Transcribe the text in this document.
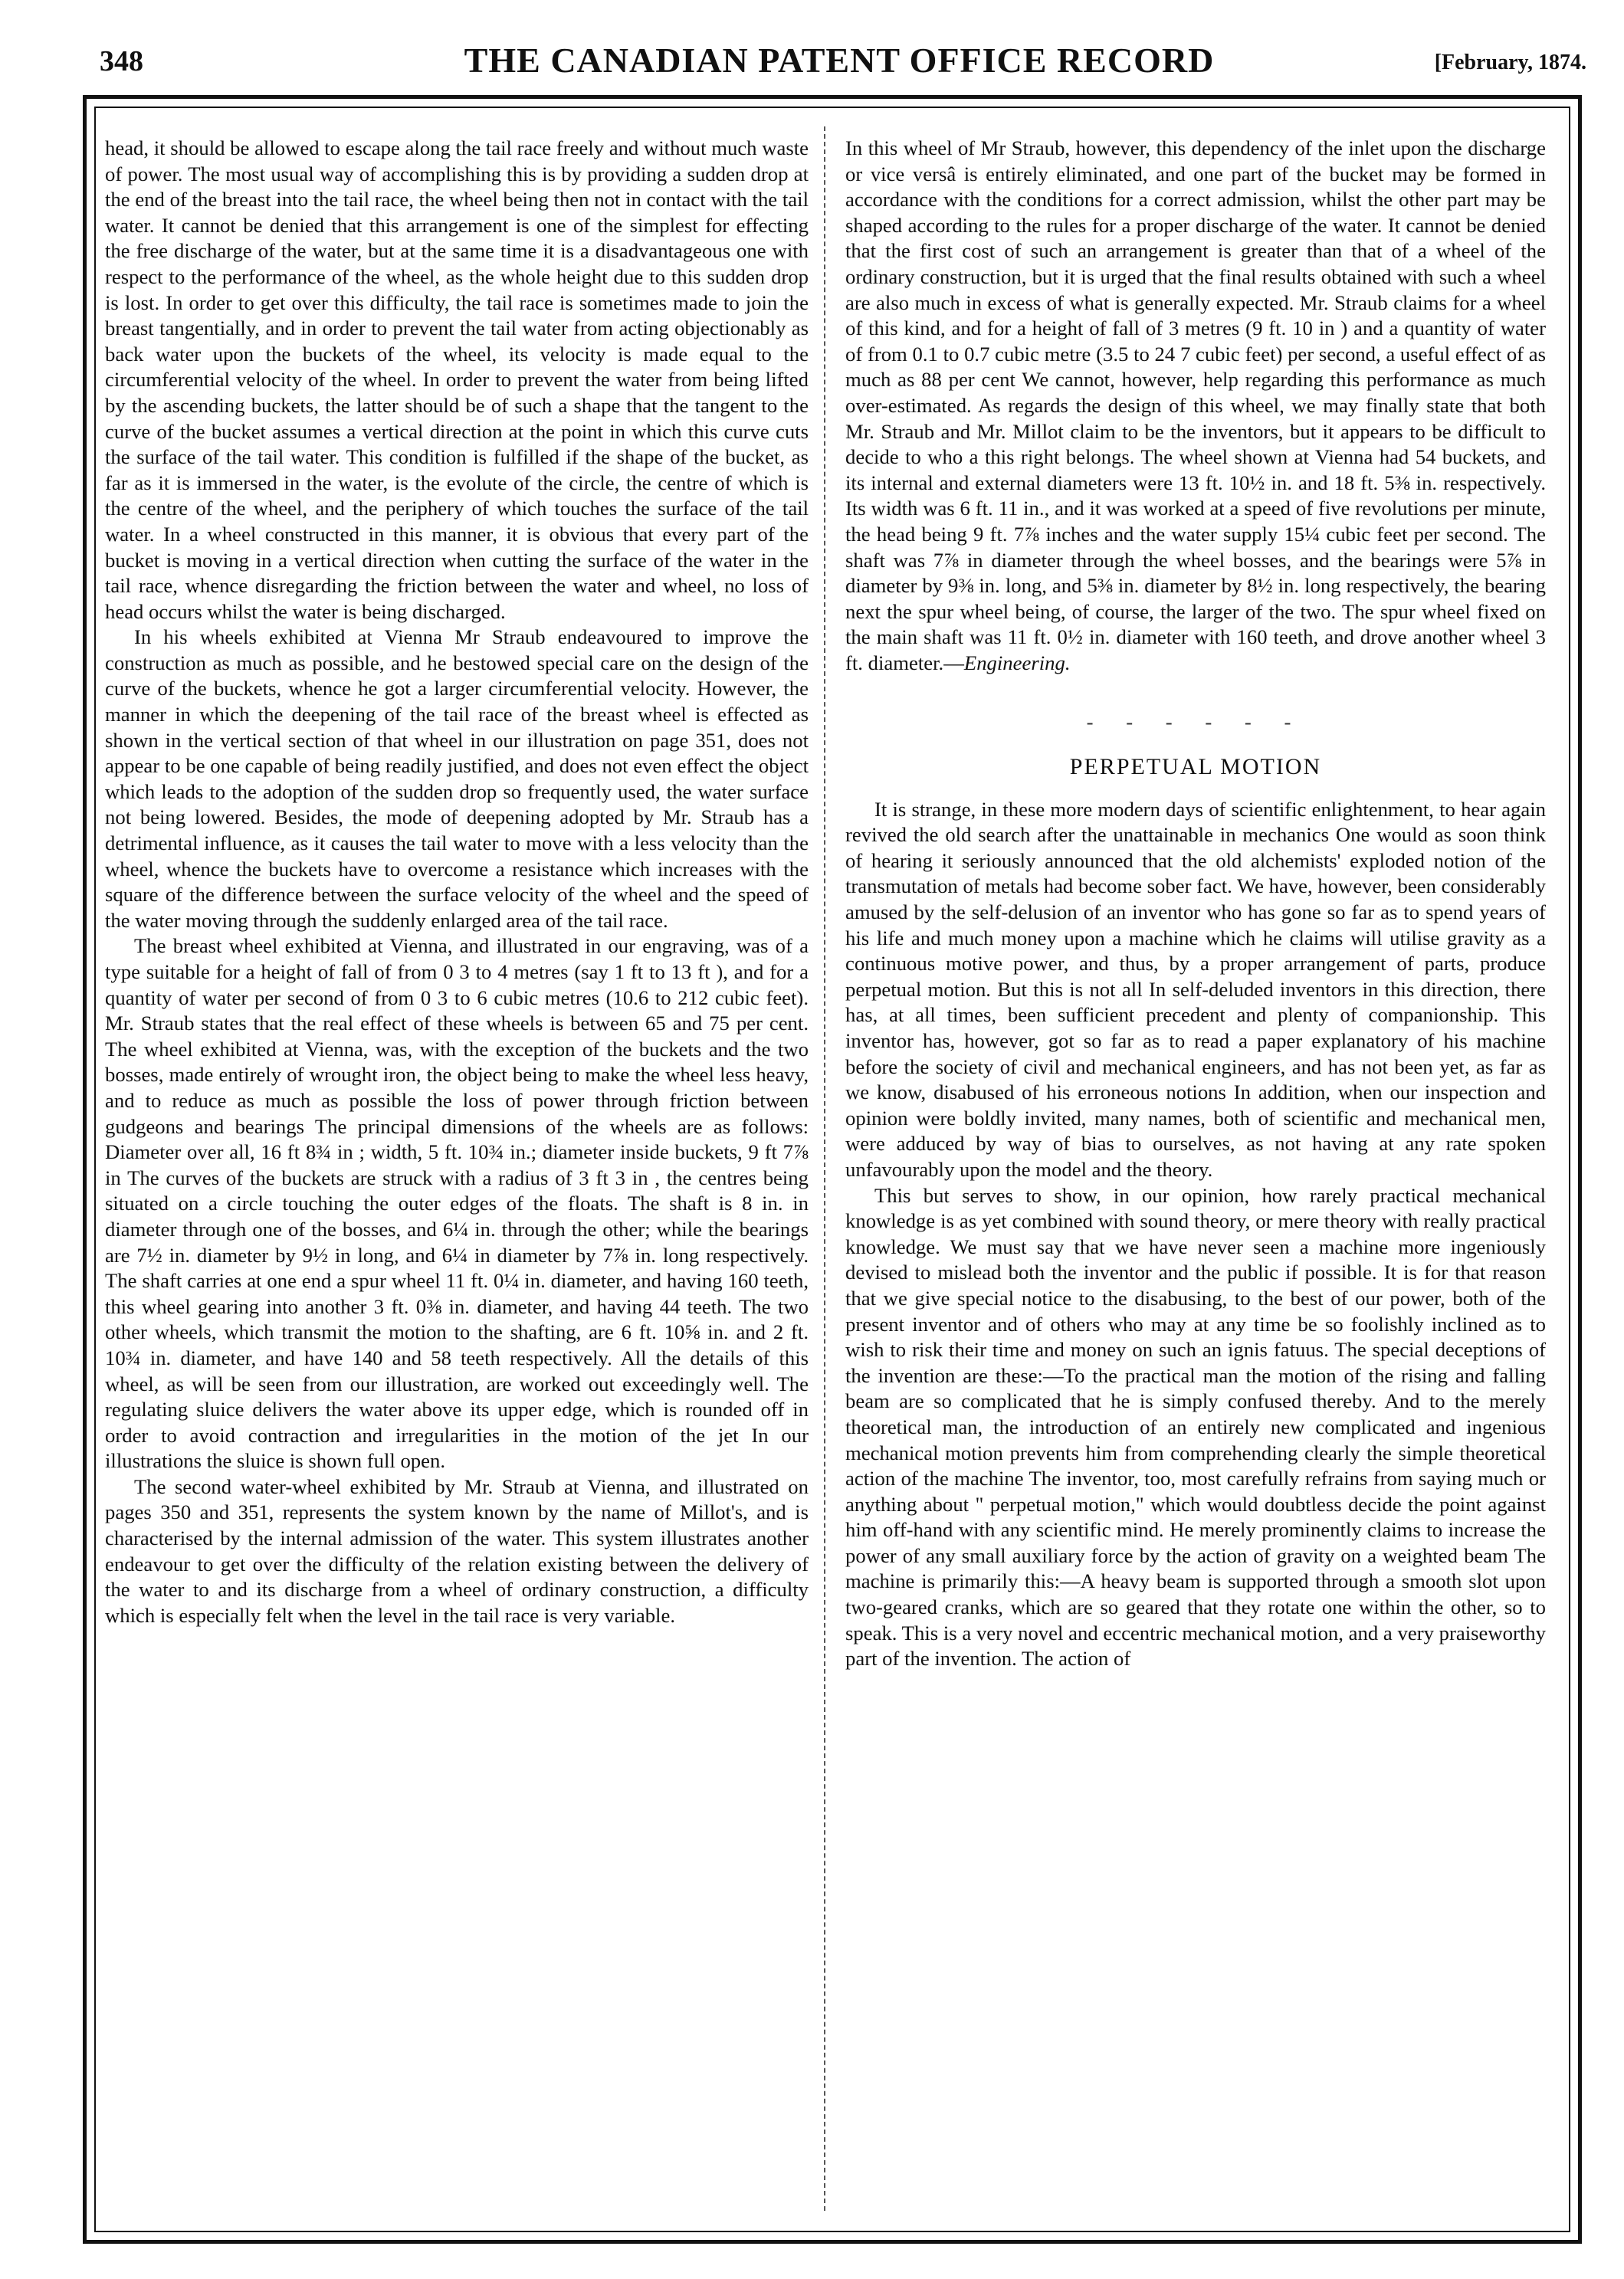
348	THE CANADIAN PATENT OFFICE RECORD	[February, 1874.

head, it should be allowed to escape along the tail race freely and without much waste of power. The most usual way of accomplishing this is by providing a sudden drop at the end of the breast into the tail race, the wheel being then not in contact with the tail water. It cannot be denied that this arrangement is one of the simplest for effecting the free discharge of the water, but at the same time it is a disadvantageous one with respect to the performance of the wheel, as the whole height due to this sudden drop is lost. In order to get over this difficulty, the tail race is sometimes made to join the breast tangentially, and in order to prevent the tail water from acting objectionably as back water upon the buckets of the wheel, its velocity is made equal to the circumferential velocity of the wheel. In order to prevent the water from being lifted by the ascending buckets, the latter should be of such a shape that the tangent to the curve of the bucket assumes a vertical direction at the point in which this curve cuts the surface of the tail water. This condition is fulfilled if the shape of the bucket, as far as it is immersed in the water, is the evolute of the circle, the centre of which is the centre of the wheel, and the periphery of which touches the surface of the tail water. In a wheel constructed in this manner, it is obvious that every part of the bucket is moving in a vertical direction when cutting the surface of the water in the tail race, whence disregarding the friction between the water and wheel, no loss of head occurs whilst the water is being discharged.

In his wheels exhibited at Vienna Mr Straub endeavoured to improve the construction as much as possible, and he bestowed special care on the design of the curve of the buckets, whence he got a larger circumferential velocity. However, the manner in which the deepening of the tail race of the breast wheel is effected as shown in the vertical section of that wheel in our illustration on page 351, does not appear to be one capable of being readily justified, and does not even effect the object which leads to the adoption of the sudden drop so frequently used, the water surface not being lowered. Besides, the mode of deepening adopted by Mr. Straub has a detrimental influence, as it causes the tail water to move with a less velocity than the wheel, whence the buckets have to overcome a resistance which increases with the square of the difference between the surface velocity of the wheel and the speed of the water moving through the suddenly enlarged area of the tail race.

The breast wheel exhibited at Vienna, and illustrated in our engraving, was of a type suitable for a height of fall of from 0 3 to 4 metres (say 1 ft to 13 ft ), and for a quantity of water per second of from 0 3 to 6 cubic metres (10.6 to 212 cubic feet). Mr. Straub states that the real effect of these wheels is between 65 and 75 per cent. The wheel exhibited at Vienna, was, with the exception of the buckets and the two bosses, made entirely of wrought iron, the object being to make the wheel less heavy, and to reduce as much as possible the loss of power through friction between gudgeons and bearings The principal dimensions of the wheels are as follows: Diameter over all, 16 ft 8¾ in ; width, 5 ft. 10¾ in.; diameter inside buckets, 9 ft 7⅞ in The curves of the buckets are struck with a radius of 3 ft 3 in , the centres being situated on a circle touching the outer edges of the floats. The shaft is 8 in. in diameter through one of the bosses, and 6¼ in. through the other; while the bearings are 7½ in. diameter by 9½ in long, and 6¼ in diameter by 7⅞ in. long respectively. The shaft carries at one end a spur wheel 11 ft. 0¼ in. diameter, and having 160 teeth, this wheel gearing into another 3 ft. 0⅜ in. diameter, and having 44 teeth. The two other wheels, which transmit the motion to the shafting, are 6 ft. 10⅝ in. and 2 ft. 10¾ in. diameter, and have 140 and 58 teeth respectively. All the details of this wheel, as will be seen from our illustration, are worked out exceedingly well. The regulating sluice delivers the water above its upper edge, which is rounded off in order to avoid contraction and irregularities in the motion of the jet In our illustrations the sluice is shown full open.

The second water-wheel exhibited by Mr. Straub at Vienna, and illustrated on pages 350 and 351, represents the system known by the name of Millot's, and is characterised by the internal admission of the water. This system illustrates another endeavour to get over the difficulty of the relation existing between the delivery of the water to and its discharge from a wheel of ordinary construction, a difficulty which is especially felt when the level in the tail race is very variable.

In this wheel of Mr Straub, however, this dependency of the inlet upon the discharge or vice versâ is entirely eliminated, and one part of the bucket may be formed in accordance with the conditions for a correct admission, whilst the other part may be shaped according to the rules for a proper discharge of the water. It cannot be denied that the first cost of such an arrangement is greater than that of a wheel of the ordinary construction, but it is urged that the final results obtained with such a wheel are also much in excess of what is generally expected. Mr. Straub claims for a wheel of this kind, and for a height of fall of 3 metres (9 ft. 10 in ) and a quantity of water of from 0.1 to 0.7 cubic metre (3.5 to 24 7 cubic feet) per second, a useful effect of as much as 88 per cent We cannot, however, help regarding this performance as much over-estimated. As regards the design of this wheel, we may finally state that both Mr. Straub and Mr. Millot claim to be the inventors, but it appears to be difficult to decide to who a this right belongs. The wheel shown at Vienna had 54 buckets, and its internal and external diameters were 13 ft. 10½ in. and 18 ft. 5⅜ in. respectively. Its width was 6 ft. 11 in., and it was worked at a speed of five revolutions per minute, the head being 9 ft. 7⅞ inches and the water supply 15¼ cubic feet per second. The shaft was 7⅞ in diameter through the wheel bosses, and the bearings were 5⅞ in diameter by 9⅜ in. long, and 5⅜ in. diameter by 8½ in. long respectively, the bearing next the spur wheel being, of course, the larger of the two. The spur wheel fixed on the main shaft was 11 ft. 0½ in. diameter with 160 teeth, and drove another wheel 3 ft. diameter.—Engineering.

- - - - - -
PERPETUAL MOTION

It is strange, in these more modern days of scientific enlightenment, to hear again revived the old search after the unattainable in mechanics One would as soon think of hearing it seriously announced that the old alchemists' exploded notion of the transmutation of metals had become sober fact. We have, however, been considerably amused by the self-delusion of an inventor who has gone so far as to spend years of his life and much money upon a machine which he claims will utilise gravity as a continuous motive power, and thus, by a proper arrangement of parts, produce perpetual motion. But this is not all In self-deluded inventors in this direction, there has, at all times, been sufficient precedent and plenty of companionship. This inventor has, however, got so far as to read a paper explanatory of his machine before the society of civil and mechanical engineers, and has not been yet, as far as we know, disabused of his erroneous notions In addition, when our inspection and opinion were boldly invited, many names, both of scientific and mechanical men, were adduced by way of bias to ourselves, as not having at any rate spoken unfavourably upon the model and the theory.

This but serves to show, in our opinion, how rarely practical mechanical knowledge is as yet combined with sound theory, or mere theory with really practical knowledge. We must say that we have never seen a machine more ingeniously devised to mislead both the inventor and the public if possible. It is for that reason that we give special notice to the disabusing, to the best of our power, both of the present inventor and of others who may at any time be so foolishly inclined as to wish to risk their time and money on such an ignis fatuus. The special deceptions of the invention are these:—To the practical man the motion of the rising and falling beam are so complicated that he is simply confused thereby. And to the merely theoretical man, the introduction of an entirely new complicated and ingenious mechanical motion prevents him from comprehending clearly the simple theoretical action of the machine The inventor, too, most carefully refrains from saying much or anything about " perpetual motion," which would doubtless decide the point against him off-hand with any scientific mind. He merely prominently claims to increase the power of any small auxiliary force by the action of gravity on a weighted beam The machine is primarily this:—A heavy beam is supported through a smooth slot upon two-geared cranks, which are so geared that they rotate one within the other, so to speak. This is a very novel and eccentric mechanical motion, and a very praiseworthy part of the invention. The action of
